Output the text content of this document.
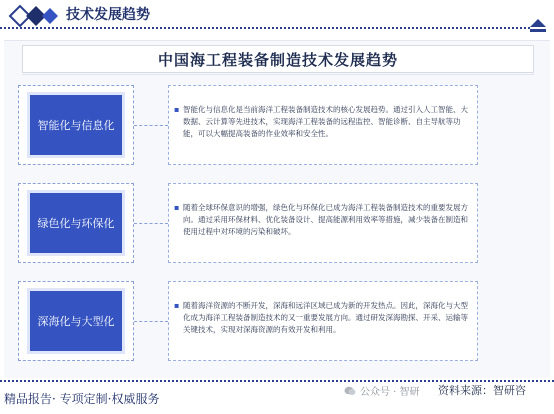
技术发展趋势
中国海工程装备制造技术发展趋势
智能化与信息化
▪ 智能化与信息化是当前海洋工程装备制造技术的核心发展趋势。通过引入人工智能、大数据、云计算等先进技术，实现海洋工程装备的远程监控、智能诊断、自主导航等功能，可以大幅提高装备的作业效率和安全性。
绿色化与环保化
▪ 随着全球环保意识的增强，绿色化与环保化已成为海洋工程装备制造技术的重要发展方向。通过采用环保材料、优化装备设计、提高能源利用效率等措施，减少装备在制造和使用过程中对环境的污染和破坏。
深海化与大型化
▪ 随着海洋资源的不断开发，深海和远洋区域已成为新的开发热点。因此，深海化与大型化成为海洋工程装备制造技术的又一重要发展方向。通过研发深海勘探、开采、运输等关键技术，实现对深海资源的有效开发和利用。
精品报告· 专项定制·权威服务	公众号 · 智研 资料来源：智研咨
